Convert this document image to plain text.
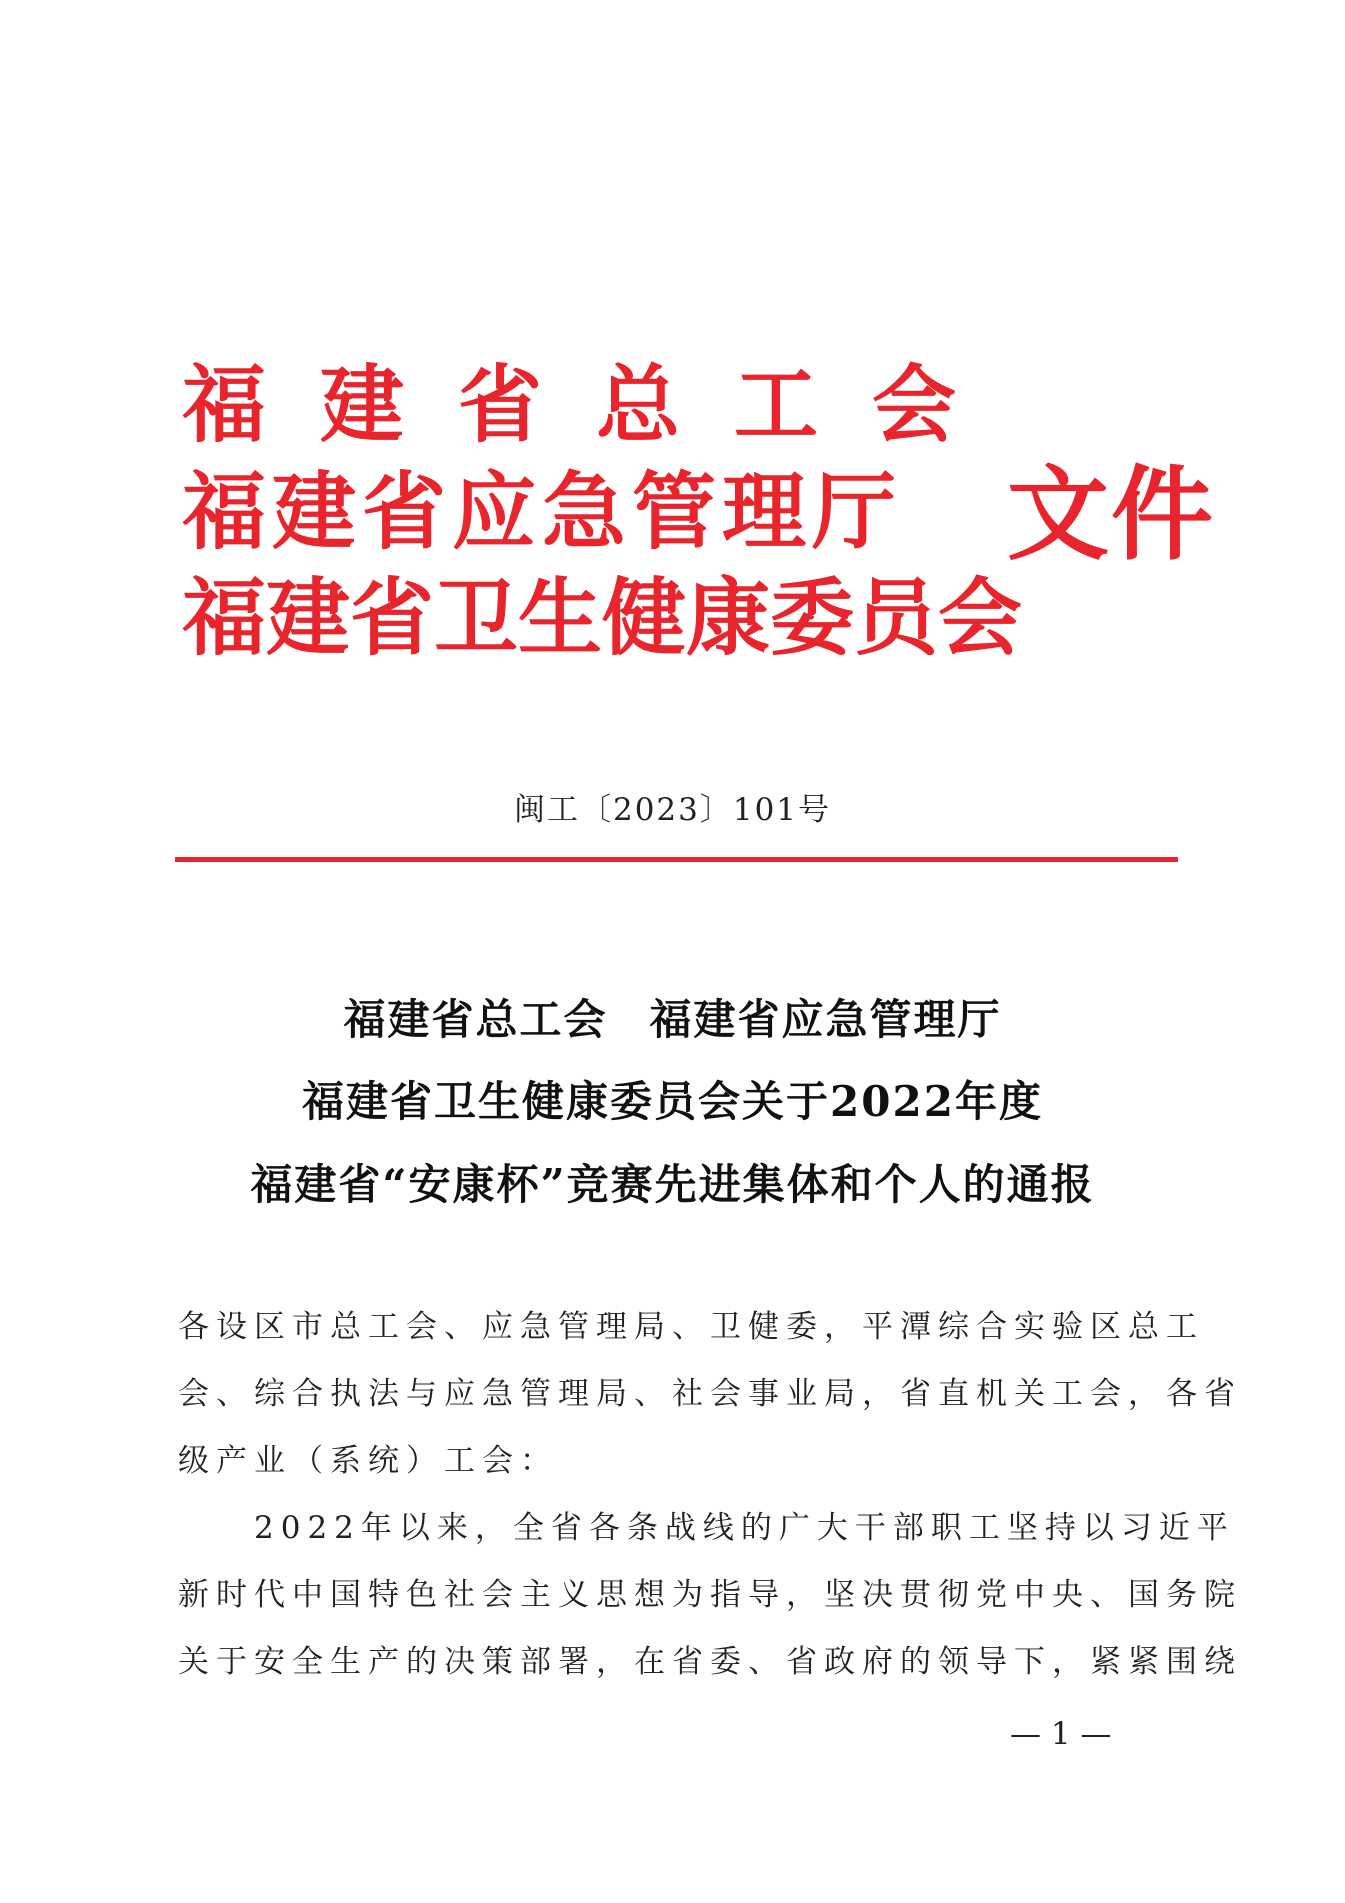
福建省总工会
福建省应急管理厅
福建省卫生健康委员会
文件
闽工〔2023〕101号
福建省总工会 福建省应急管理厅
福建省卫生健康委员会关于2022年度
福建省“安康杯”竞赛先进集体和个人的通报
各设区市总工会、应急管理局、卫健委，平潭综合实验区总工
会、综合执法与应急管理局、社会事业局，省直机关工会，各省
级产业（系统）工会：
　　2022年以来，全省各条战线的广大干部职工坚持以习近平
新时代中国特色社会主义思想为指导，坚决贯彻党中央、国务院
关于安全生产的决策部署，在省委、省政府的领导下，紧紧围绕
— 1 —
